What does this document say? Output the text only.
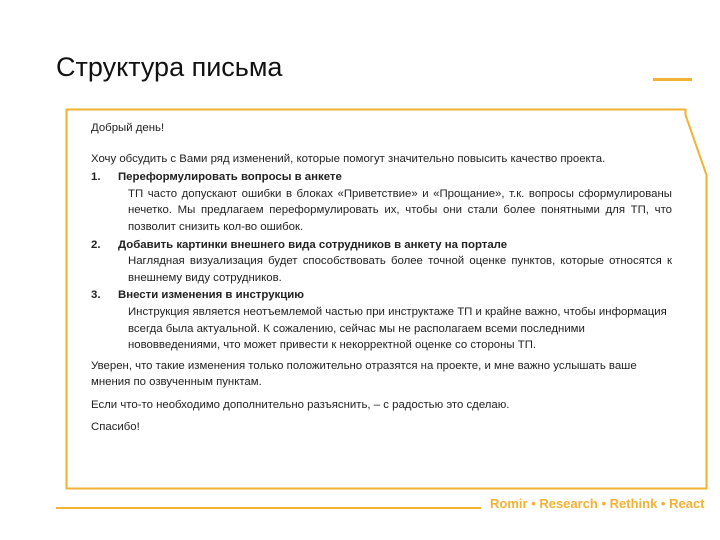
Структура письма

Добрый день!

Хочу обсудить с Вами ряд изменений, которые помогут значительно повысить качество проекта.

1. Переформулировать вопросы в анкете
ТП часто допускают ошибки в блоках «Приветствие» и «Прощание», т.к. вопросы сформулированы нечетко. Мы предлагаем переформулировать их, чтобы они стали более понятными для ТП, что позволит снизить кол-во ошибок.
2. Добавить картинки внешнего вида сотрудников в анкету на портале
Наглядная визуализация будет способствовать более точной оценке пунктов, которые относятся к внешнему виду сотрудников.
3. Внести изменения в инструкцию
Инструкция является неотъемлемой частью при инструктаже ТП и крайне важно, чтобы информация всегда была актуальной. К сожалению, сейчас мы не располагаем всеми последними нововведениями, что может привести к некорректной оценке со стороны ТП.

Уверен, что такие изменения только положительно отразятся на проекте, и мне важно услышать ваше мнения по озвученным пунктам.

Если что-то необходимо дополнительно разъяснить, – с радостью это сделаю.

Спасибо!

Romir • Research • Rethink • React
